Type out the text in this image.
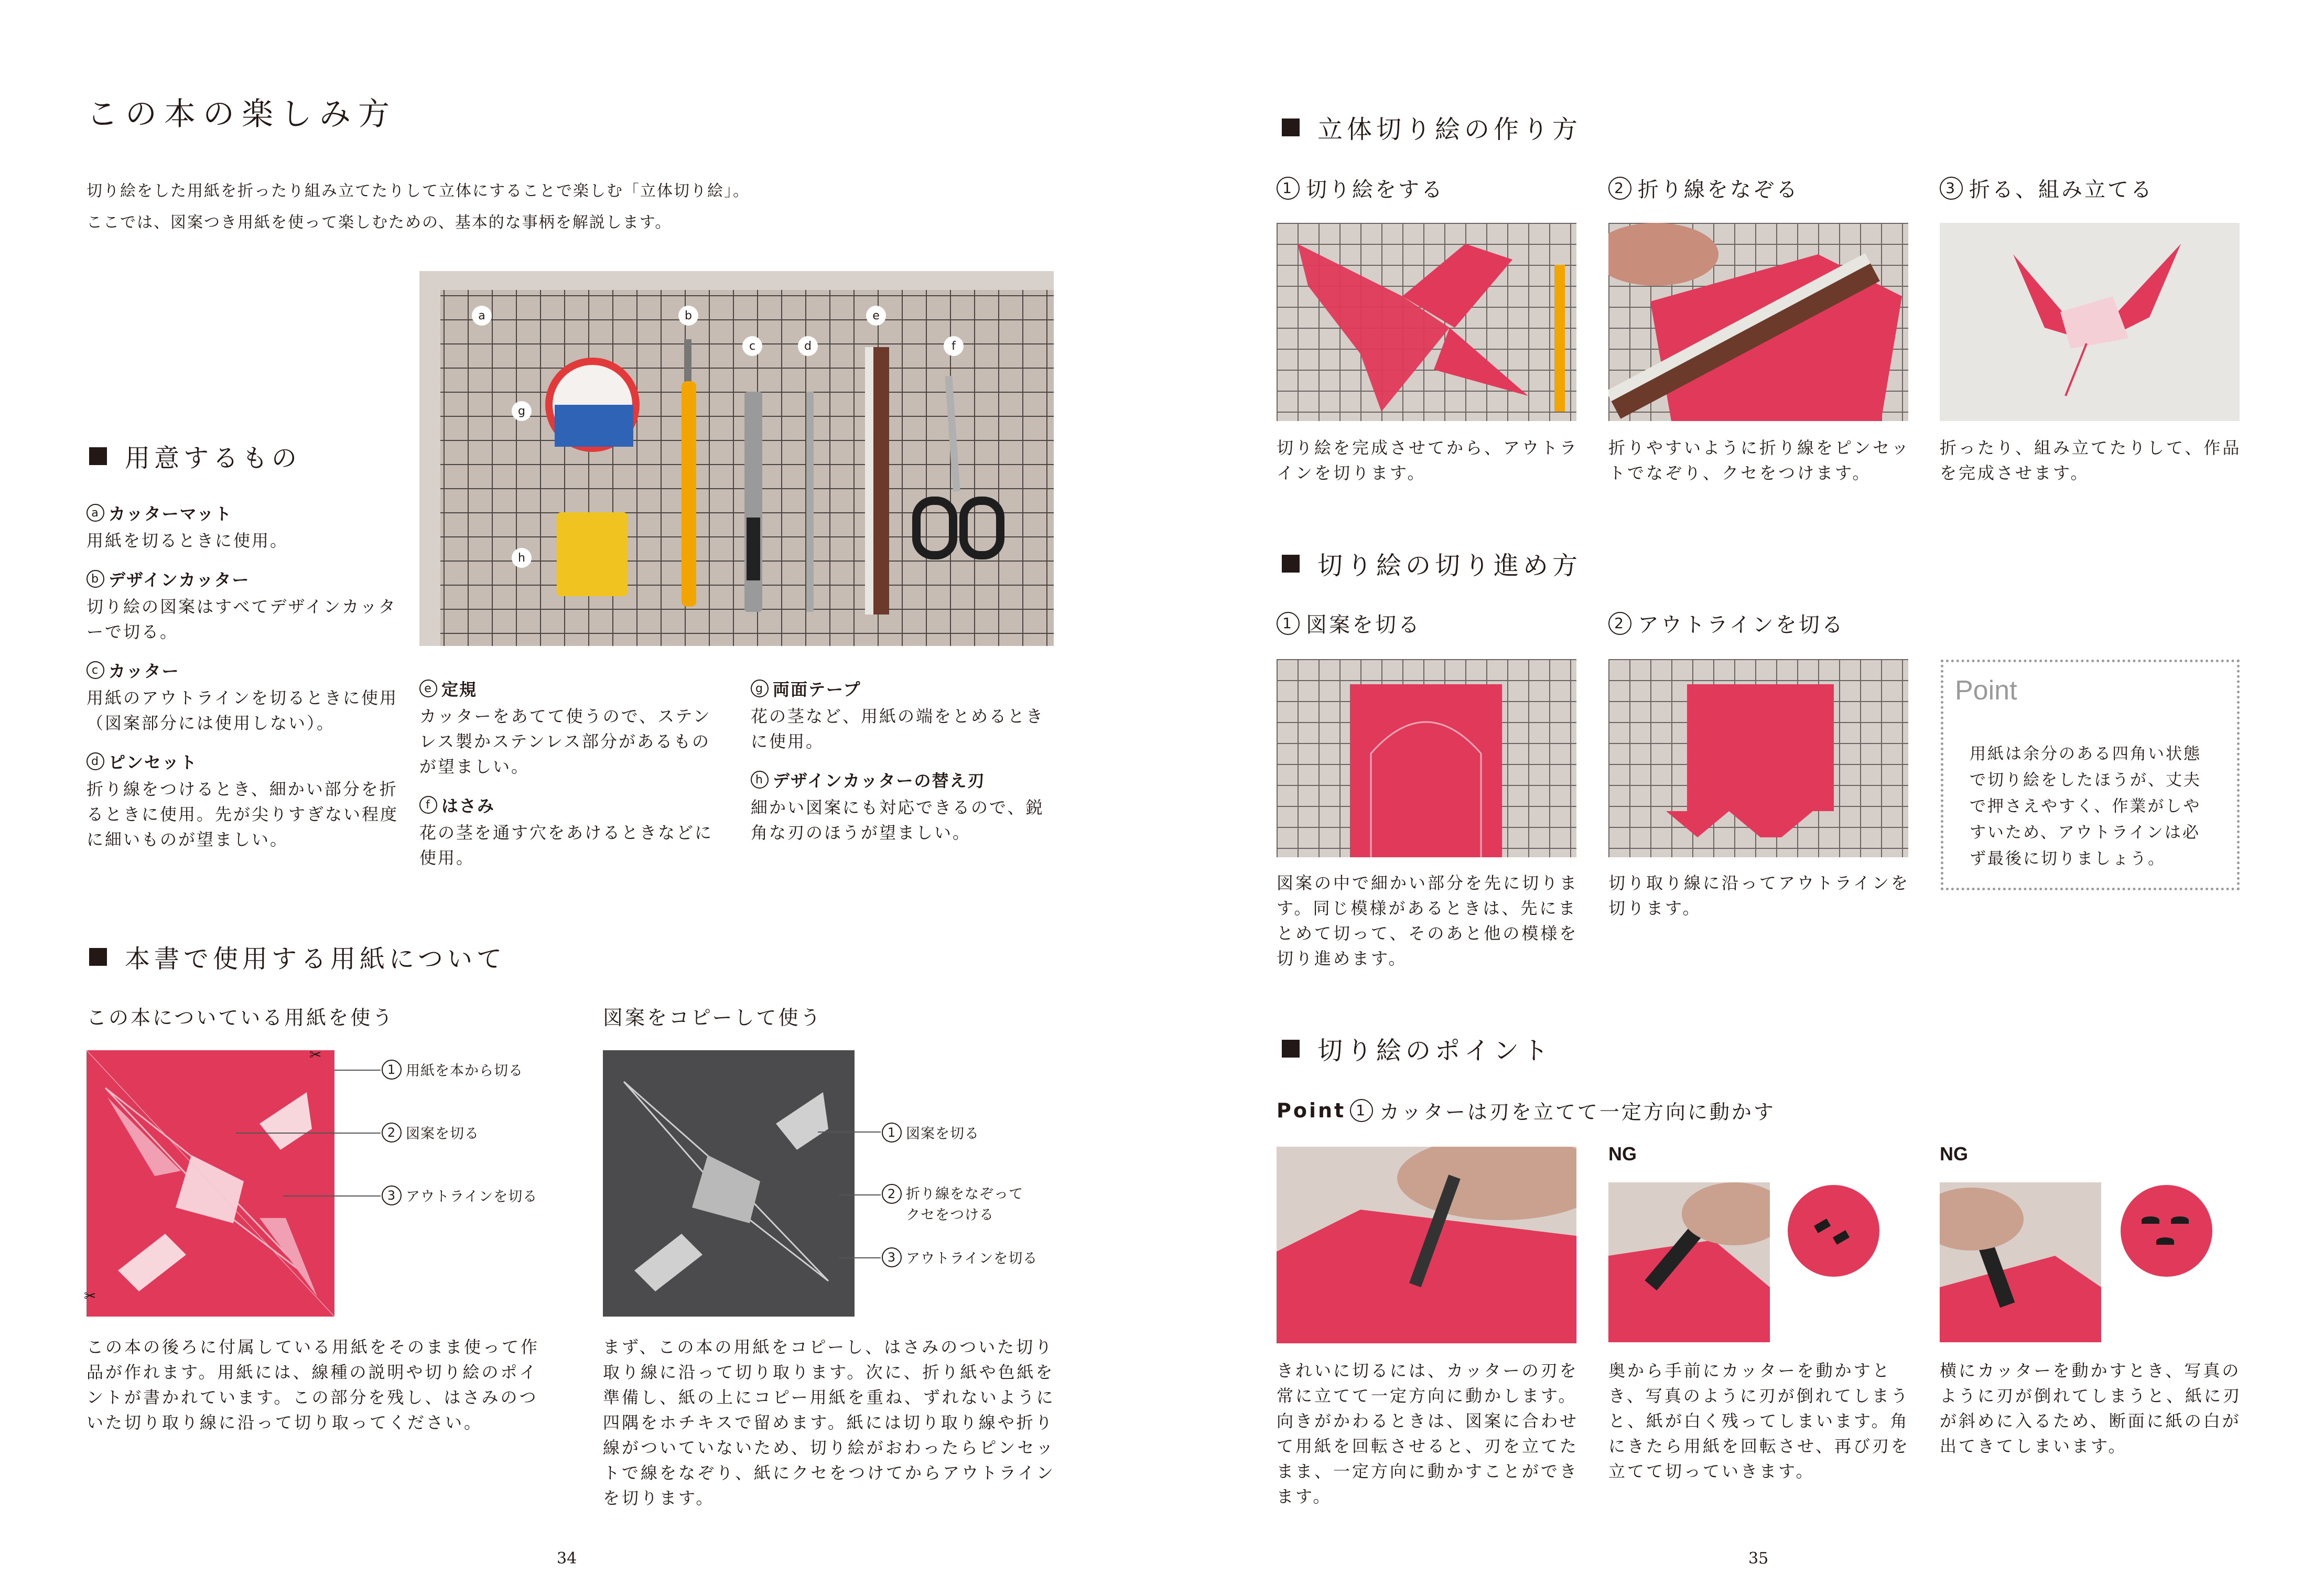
この本の楽しみ方
切り絵をした用紙を折ったり組み立てたりして立体にすることで楽しむ「立体切り絵」。
ここでは、図案つき用紙を使って楽しむための、基本的な事柄を解説します。
a	b
c	d
e
f
g
h
用意するもの
a カッターマット
用紙を切るときに使用。
b デザインカッター
切り絵の図案はすべてデザインカッターで切る。
c カッター
用紙のアウトラインを切るときに使用（図案部分には使用しない）。
d ピンセット
折り線をつけるとき、細かい部分を折るときに使用。先が尖りすぎない程度に細いものが望ましい。
e 定規
カッターをあてて使うので、ステンレス製かステンレス部分があるものが望ましい。
f はさみ
花の茎を通す穴をあけるときなどに使用。
g 両面テープ
花の茎など、用紙の端をとめるときに使用。
h デザインカッターの替え刃
細かい図案にも対応できるので、鋭角な刃のほうが望ましい。
本書で使用する用紙について
この本についている用紙を使う	図案をコピーして使う
✂
✂
1 用紙を本から切る
2 図案を切る
3 アウトラインを切る
1 図案を切る
2 折り線をなぞって
クセをつける
3 アウトラインを切る
この本の後ろに付属している用紙をそのまま使って作品が作れます。用紙には、線種の説明や切り絵のポイントが書かれています。この部分を残し、はさみのついた切り取り線に沿って切り取ってください。
まず、この本の用紙をコピーし、はさみのついた切り取り線に沿って切り取ります。次に、折り紙や色紙を準備し、紙の上にコピー用紙を重ね、ずれないように四隅をホチキスで留めます。紙には切り取り線や折り線がついていないため、切り絵がおわったらピンセットで線をなぞり、紙にクセをつけてからアウトラインを切ります。
34
立体切り絵の作り方
1 切り絵をする	2 折り線をなぞる	3 折る、組み立てる
切り絵を完成させてから、アウトラインを切ります。
折りやすいように折り線をピンセットでなぞり、クセをつけます。
折ったり、組み立てたりして、作品を完成させます。
切り絵の切り進め方
1 図案を切る	2 アウトラインを切る
Point
用紙は余分のある四角い状態で切り絵をしたほうが、丈夫で押さえやすく、作業がしやすいため、アウトラインは必ず最後に切りましょう。
図案の中で細かい部分を先に切ります。同じ模様があるときは、先にまとめて切って、そのあと他の模様を切り進めます。
切り取り線に沿ってアウトラインを切ります。
切り絵のポイント
Point 1 カッターは刃を立てて一定方向に動かす
NG	NG
きれいに切るには、カッターの刃を常に立てて一定方向に動かします。向きがかわるときは、図案に合わせて用紙を回転させると、刃を立てたまま、一定方向に動かすことができます。
奥から手前にカッターを動かすとき、写真のように刃が倒れてしまうと、紙が白く残ってしまいます。角にきたら用紙を回転させ、再び刃を立てて切っていきます。
横にカッターを動かすとき、写真のように刃が倒れてしまうと、紙に刃が斜めに入るため、断面に紙の白が出てきてしまいます。
35
